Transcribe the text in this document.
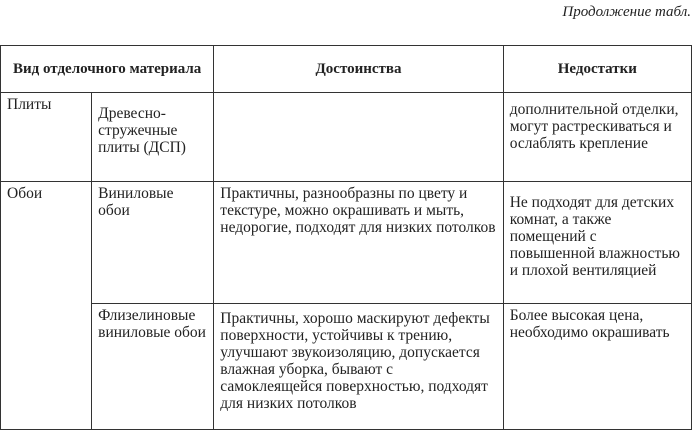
Продолжение табл.
Вид отделочного материала		Достоинства	Недостатки
Плиты	Древесно-стружечные плиты (ДСП)		дополнительной отделки, могут растрескиваться и ослаблять крепление
Обои	Виниловые обои	Практичны, разнообразны по цвету и текстуре, можно окрашивать и мыть, недорогие, подходят для низких потолков	Не подходят для детских комнат, а также помещений с повышенной влажностью и плохой вентиляцией
	Флизелиновые виниловые обои	Практичны, хорошо маскируют дефекты поверхности, устойчивы к трению, улучшают звукоизоляцию, допускается влажная уборка, бывают с самоклеящейся поверхностью, подходят для низких потолков	Более высокая цена, необходимо окрашивать
